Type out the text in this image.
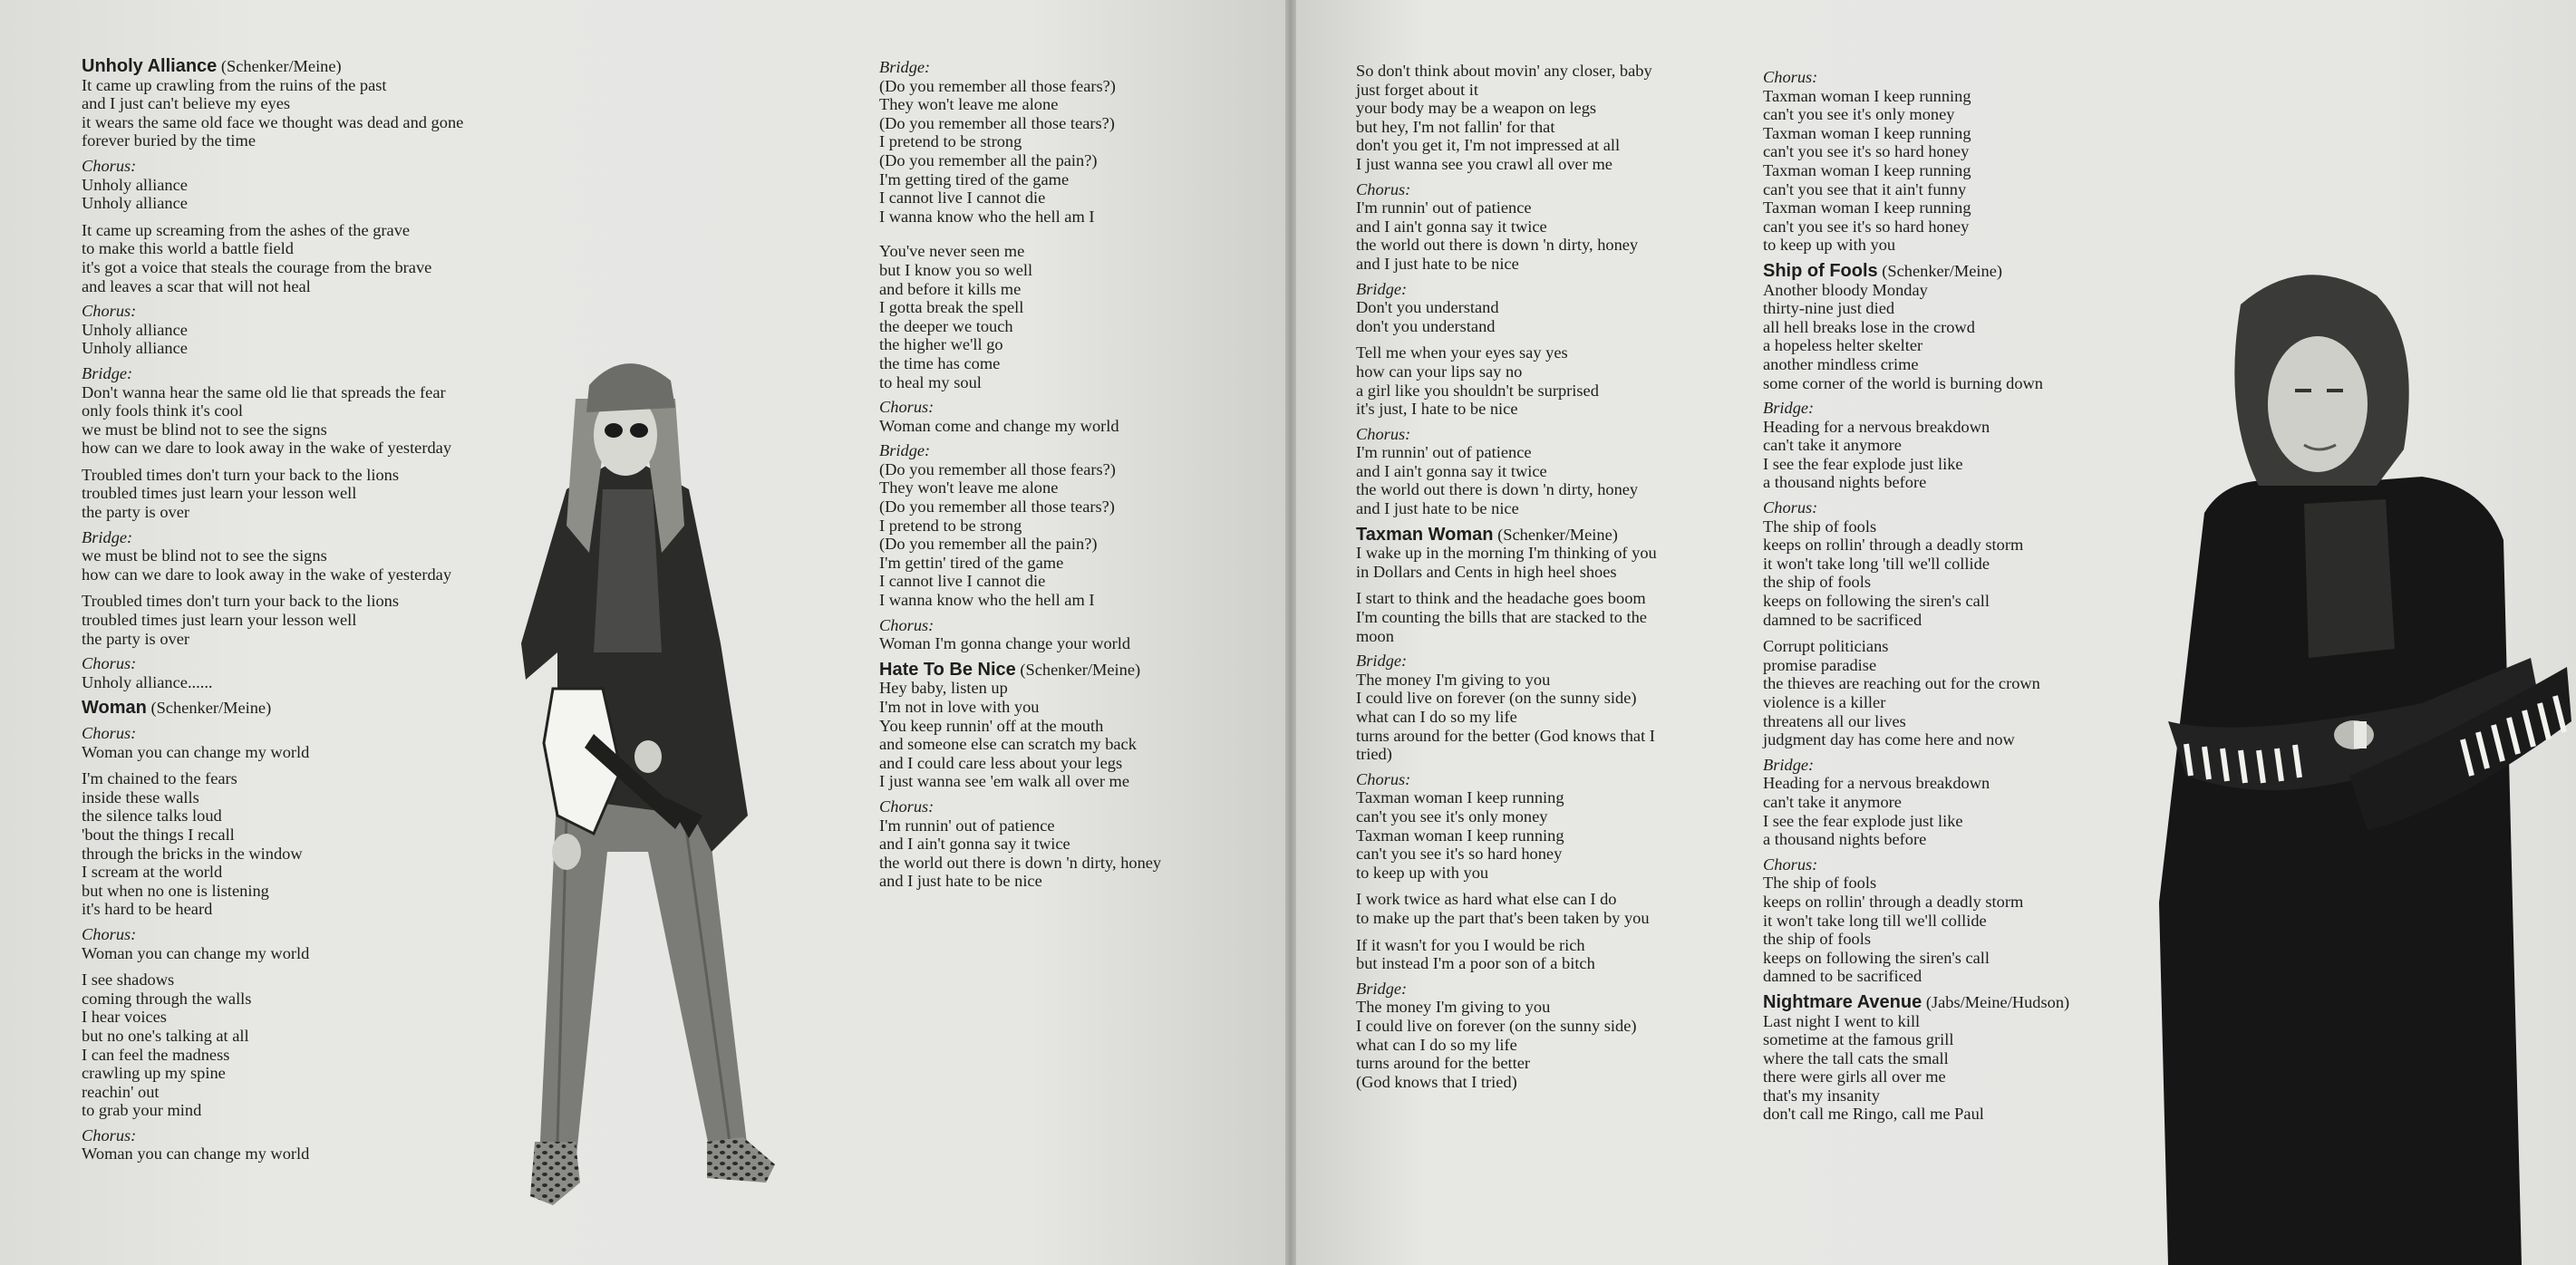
Unholy Alliance (Schenker/Meine)
It came up crawling from the ruins of the past
and I just can't believe my eyes
it wears the same old face we thought was dead and gone
forever buried by the time
Chorus:
Unholy alliance
Unholy alliance
It came up screaming from the ashes of the grave
to make this world a battle field
it's got a voice that steals the courage from the brave
and leaves a scar that will not heal
Chorus:
Unholy alliance
Unholy alliance
Bridge:
Don't wanna hear the same old lie that spreads the fear
only fools think it's cool
we must be blind not to see the signs
how can we dare to look away in the wake of yesterday
Troubled times don't turn your back to the lions
troubled times just learn your lesson well
the party is over
Bridge:
we must be blind not to see the signs
how can we dare to look away in the wake of yesterday
Troubled times don't turn your back to the lions
troubled times just learn your lesson well
the party is over
Chorus:
Unholy alliance......
Woman (Schenker/Meine)
Chorus:
Woman you can change my world
I'm chained to the fears
inside these walls
the silence talks loud
'bout the things I recall
through the bricks in the window
I scream at the world
but when no one is listening
it's hard to be heard
Chorus:
Woman you can change my world
I see shadows
coming through the walls
I hear voices
but no one's talking at all
I can feel the madness
crawling up my spine
reachin' out
to grab your mind
Chorus:
Woman you can change my world
Bridge:
(Do you remember all those fears?)
They won't leave me alone
(Do you remember all those tears?)
I pretend to be strong
(Do you remember all the pain?)
I'm getting tired of the game
I cannot live I cannot die
I wanna know who the hell am I
You've never seen me
but I know you so well
and before it kills me
I gotta break the spell
the deeper we touch
the higher we'll go
the time has come
to heal my soul
Chorus:
Woman come and change my world
Bridge:
(Do you remember all those fears?)
They won't leave me alone
(Do you remember all those tears?)
I pretend to be strong
(Do you remember all the pain?)
I'm gettin' tired of the game
I cannot live I cannot die
I wanna know who the hell am I
Chorus:
Woman I'm gonna change your world
Hate To Be Nice (Schenker/Meine)
Hey baby, listen up
I'm not in love with you
You keep runnin' off at the mouth
and someone else can scratch my back
and I could care less about your legs
I just wanna see 'em walk all over me
Chorus:
I'm runnin' out of patience
and I ain't gonna say it twice
the world out there is down 'n dirty, honey
and I just hate to be nice
So don't think about movin' any closer, baby
just forget about it
your body may be a weapon on legs
but hey, I'm not fallin' for that
don't you get it, I'm not impressed at all
I just wanna see you crawl all over me
Chorus:
I'm runnin' out of patience
and I ain't gonna say it twice
the world out there is down 'n dirty, honey
and I just hate to be nice
Bridge:
Don't you understand
don't you understand
Tell me when your eyes say yes
how can your lips say no
a girl like you shouldn't be surprised
it's just, I hate to be nice
Chorus:
I'm runnin' out of patience
and I ain't gonna say it twice
the world out there is down 'n dirty, honey
and I just hate to be nice
Taxman Woman (Schenker/Meine)
I wake up in the morning I'm thinking of you
in Dollars and Cents in high heel shoes
I start to think and the headache goes boom
I'm counting the bills that are stacked to the
moon
Bridge:
The money I'm giving to you
I could live on forever (on the sunny side)
what can I do so my life
turns around for the better (God knows that I
tried)
Chorus:
Taxman woman I keep running
can't you see it's only money
Taxman woman I keep running
can't you see it's so hard honey
to keep up with you
I work twice as hard what else can I do
to make up the part that's been taken by you
If it wasn't for you I would be rich
but instead I'm a poor son of a bitch
Bridge:
The money I'm giving to you
I could live on forever (on the sunny side)
what can I do so my life
turns around for the better
(God knows that I tried)
Chorus:
Taxman woman I keep running
can't you see it's only money
Taxman woman I keep running
can't you see it's so hard honey
Taxman woman I keep running
can't you see that it ain't funny
Taxman woman I keep running
can't you see it's so hard honey
to keep up with you
Ship of Fools (Schenker/Meine)
Another bloody Monday
thirty-nine just died
all hell breaks lose in the crowd
a hopeless helter skelter
another mindless crime
some corner of the world is burning down
Bridge:
Heading for a nervous breakdown
can't take it anymore
I see the fear explode just like
a thousand nights before
Chorus:
The ship of fools
keeps on rollin' through a deadly storm
it won't take long 'till we'll collide
the ship of fools
keeps on following the siren's call
damned to be sacrificed
Corrupt politicians
promise paradise
the thieves are reaching out for the crown
violence is a killer
threatens all our lives
judgment day has come here and now
Bridge:
Heading for a nervous breakdown
can't take it anymore
I see the fear explode just like
a thousand nights before
Chorus:
The ship of fools
keeps on rollin' through a deadly storm
it won't take long till we'll collide
the ship of fools
keeps on following the siren's call
damned to be sacrificed
Nightmare Avenue (Jabs/Meine/Hudson)
Last night I went to kill
sometime at the famous grill
where the tall cats the small
there were girls all over me
that's my insanity
don't call me Ringo, call me Paul
